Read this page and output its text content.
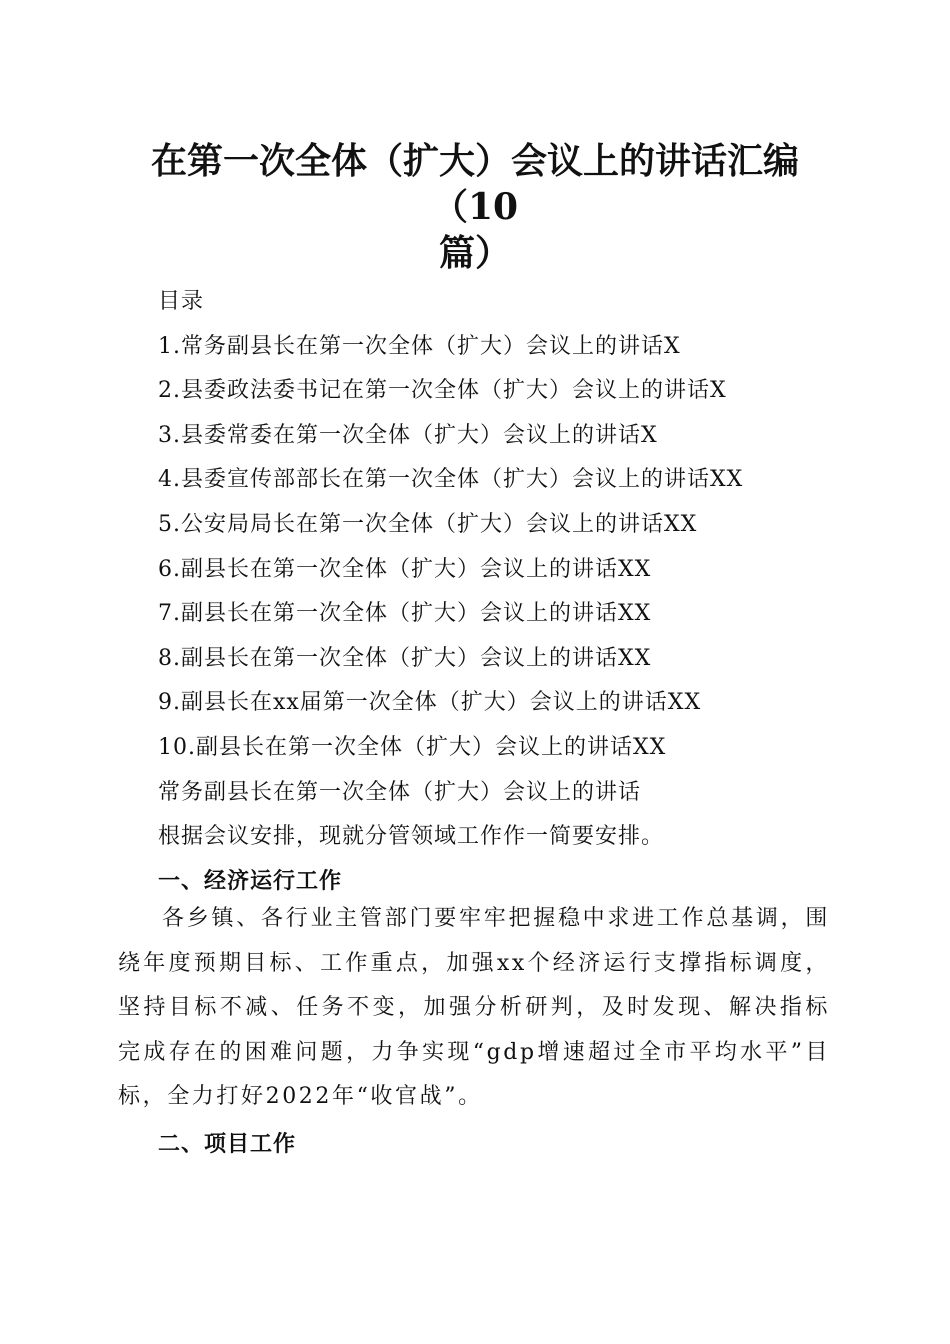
在第一次全体（扩大）会议上的讲话汇编（10
篇）
目录
1.常务副县长在第一次全体（扩大）会议上的讲话X
2.县委政法委书记在第一次全体（扩大）会议上的讲话X
3.县委常委在第一次全体（扩大）会议上的讲话X
4.县委宣传部部长在第一次全体（扩大）会议上的讲话XX
5.公安局局长在第一次全体（扩大）会议上的讲话XX
6.副县长在第一次全体（扩大）会议上的讲话XX
7.副县长在第一次全体（扩大）会议上的讲话XX
8.副县长在第一次全体（扩大）会议上的讲话XX
9.副县长在xx届第一次全体（扩大）会议上的讲话XX
10.副县长在第一次全体（扩大）会议上的讲话XX
常务副县长在第一次全体（扩大）会议上的讲话
根据会议安排，现就分管领域工作作一简要安排。
一、经济运行工作
各乡镇、各行业主管部门要牢牢把握稳中求进工作总基调，围绕年度预期目标、工作重点，加强xx个经济运行支撑指标调度，坚持目标不减、任务不变，加强分析研判，及时发现、解决指标完成存在的困难问题，力争实现“gdp增速超过全市平均水平”目标，全力打好2022年“收官战”。
二、项目工作
